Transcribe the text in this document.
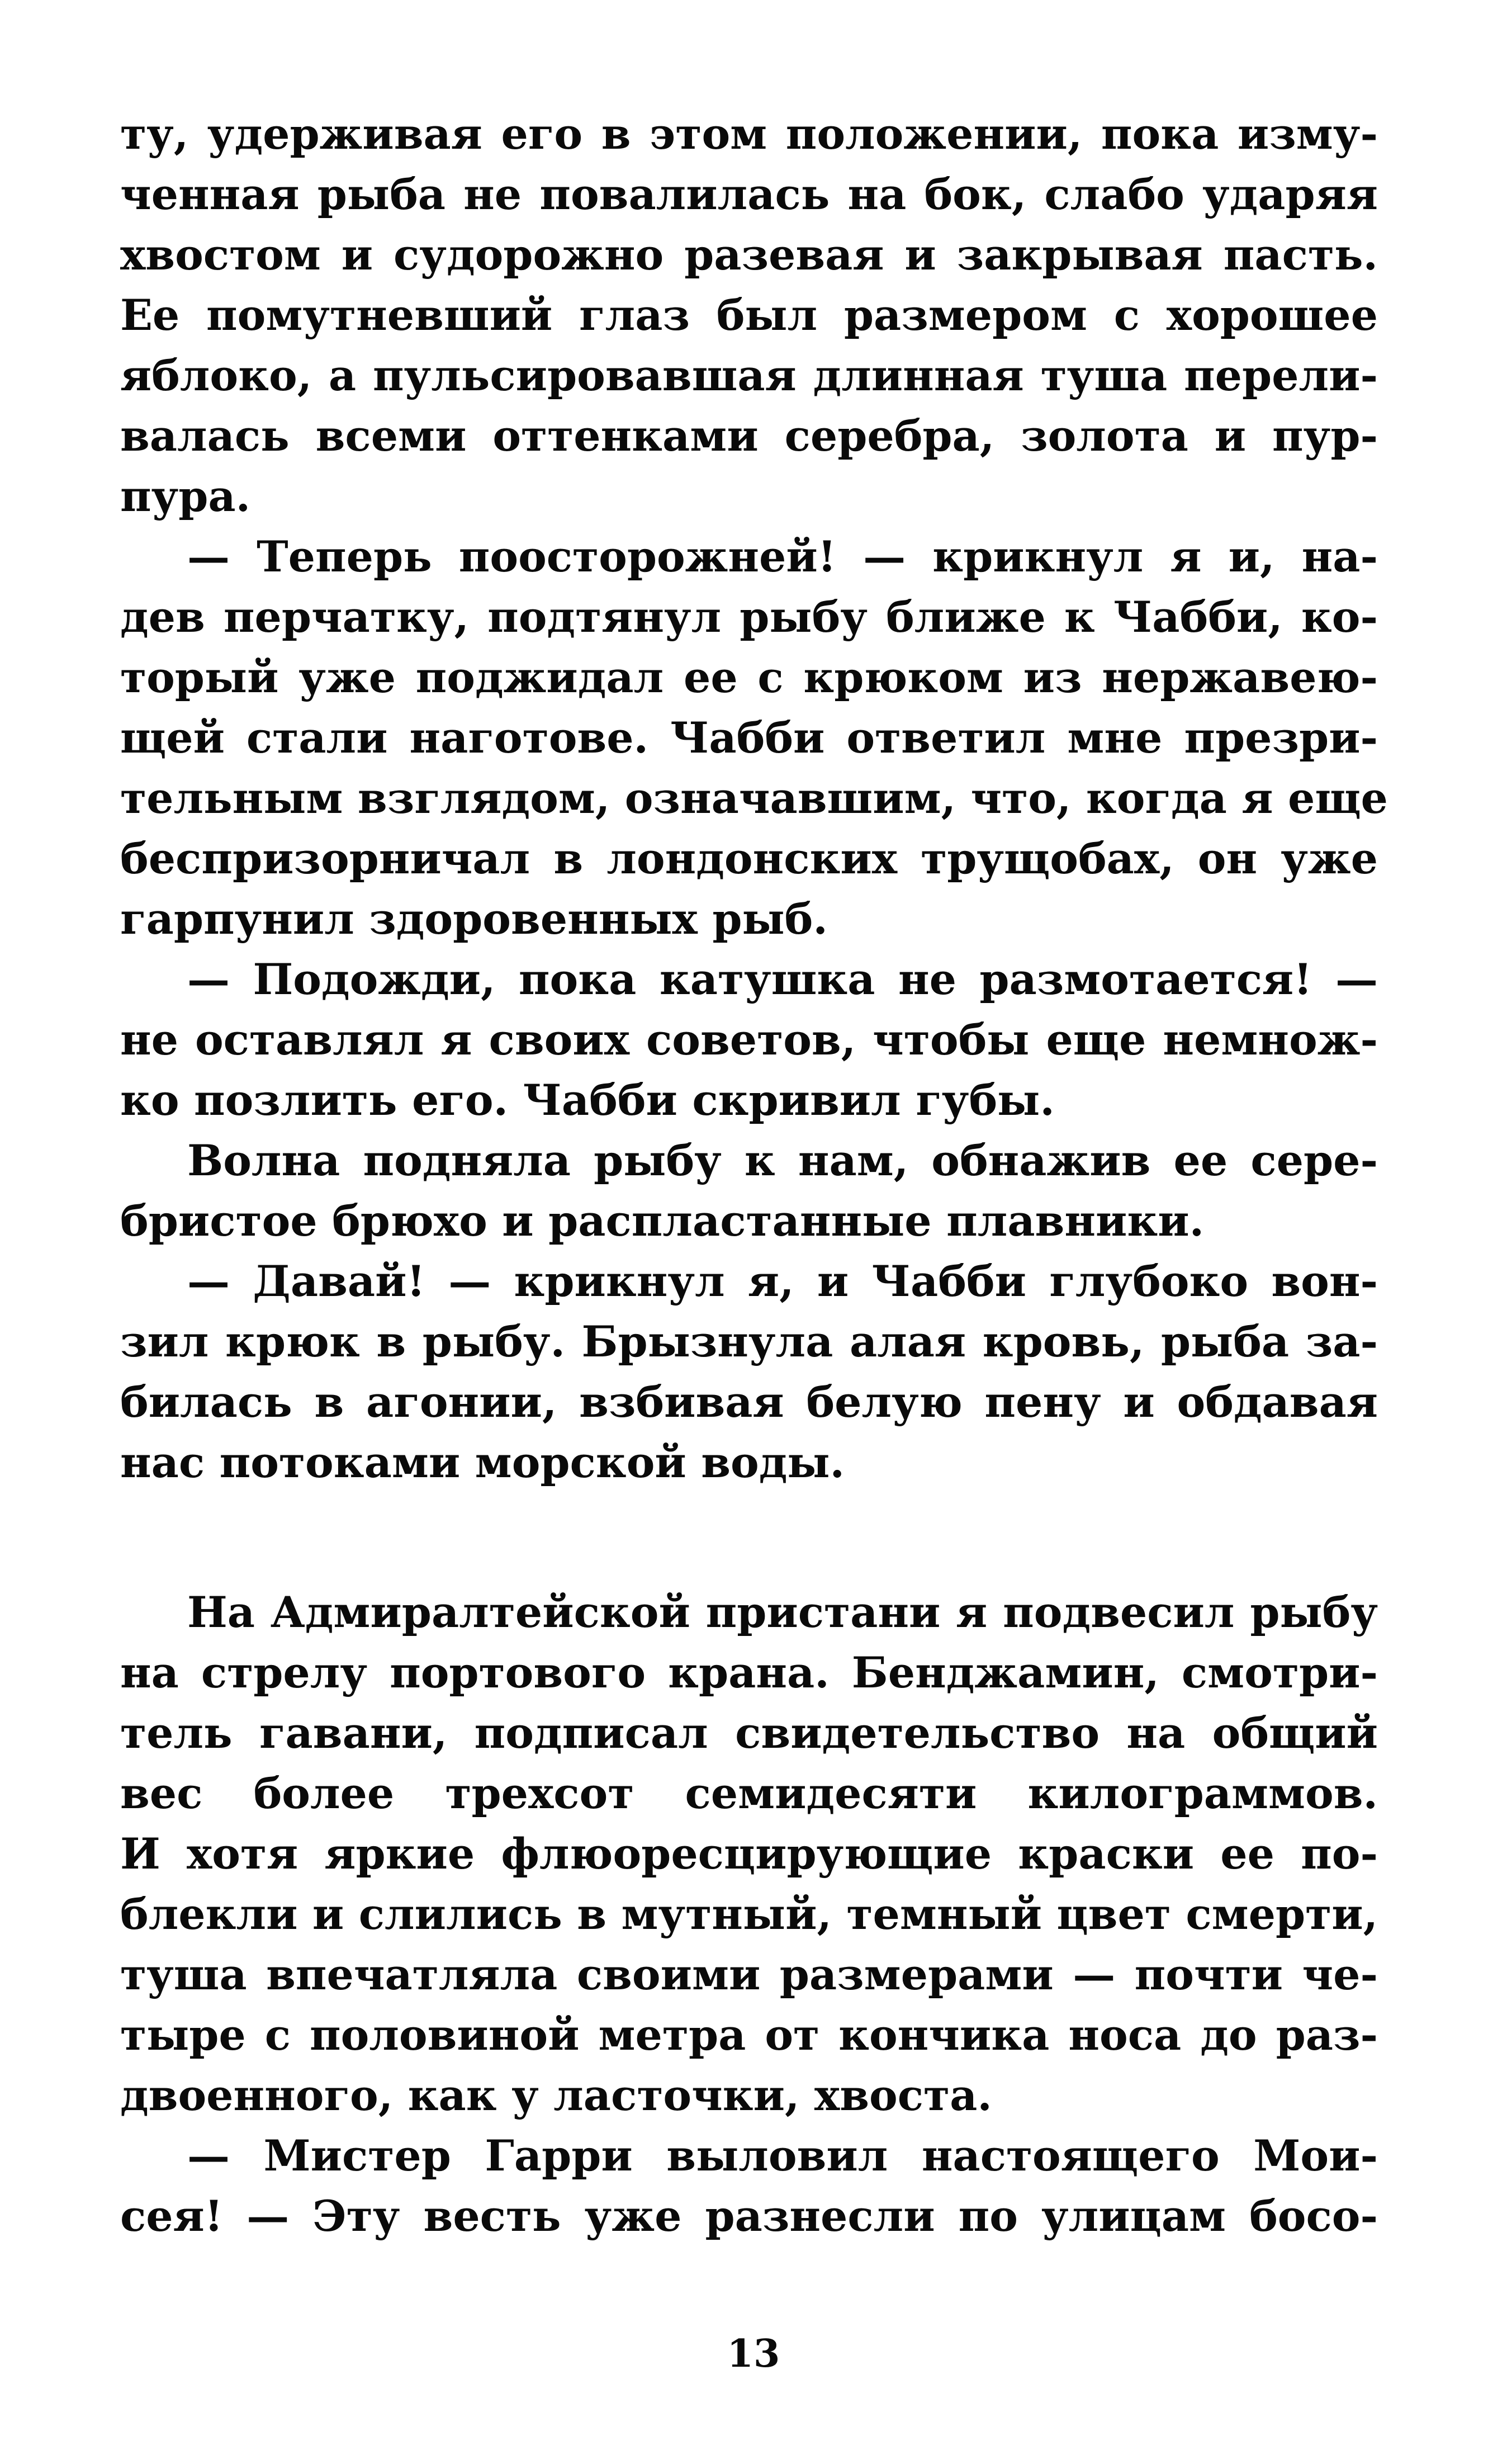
ту, удерживая его в этом положении, пока изму-
ченная рыба не повалилась на бок, слабо ударяя
хвостом и судорожно разевая и закрывая пасть.
Ее помутневший глаз был размером с хорошее
яблоко, а пульсировавшая длинная туша перели-
валась всеми оттенками серебра, золота и пур-
пура.
— Теперь поосторожней! — крикнул я и, на-
дев перчатку, подтянул рыбу ближе к Чабби, ко-
торый уже поджидал ее с крюком из нержавею-
щей стали наготове. Чабби ответил мне презри-
тельным взглядом, означавшим, что, когда я еще
беспризорничал в лондонских трущобах, он уже
гарпунил здоровенных рыб.
— Подожди, пока катушка не размотается! —
не оставлял я своих советов, чтобы еще немнож-
ко позлить его. Чабби скривил губы.
Волна подняла рыбу к нам, обнажив ее сере-
бристое брюхо и распластанные плавники.
— Давай! — крикнул я, и Чабби глубоко вон-
зил крюк в рыбу. Брызнула алая кровь, рыба за-
билась в агонии, взбивая белую пену и обдавая
нас потоками морской воды.
На Адмиралтейской пристани я подвесил рыбу
на стрелу портового крана. Бенджамин, смотри-
тель гавани, подписал свидетельство на общий
вес более трехсот семидесяти килограммов.
И хотя яркие флюоресцирующие краски ее по-
блекли и слились в мутный, темный цвет смерти,
туша впечатляла своими размерами — почти че-
тыре с половиной метра от кончика носа до раз-
двоенного, как у ласточки, хвоста.
— Мистер Гарри выловил настоящего Мои-
сея! — Эту весть уже разнесли по улицам босо-
13
